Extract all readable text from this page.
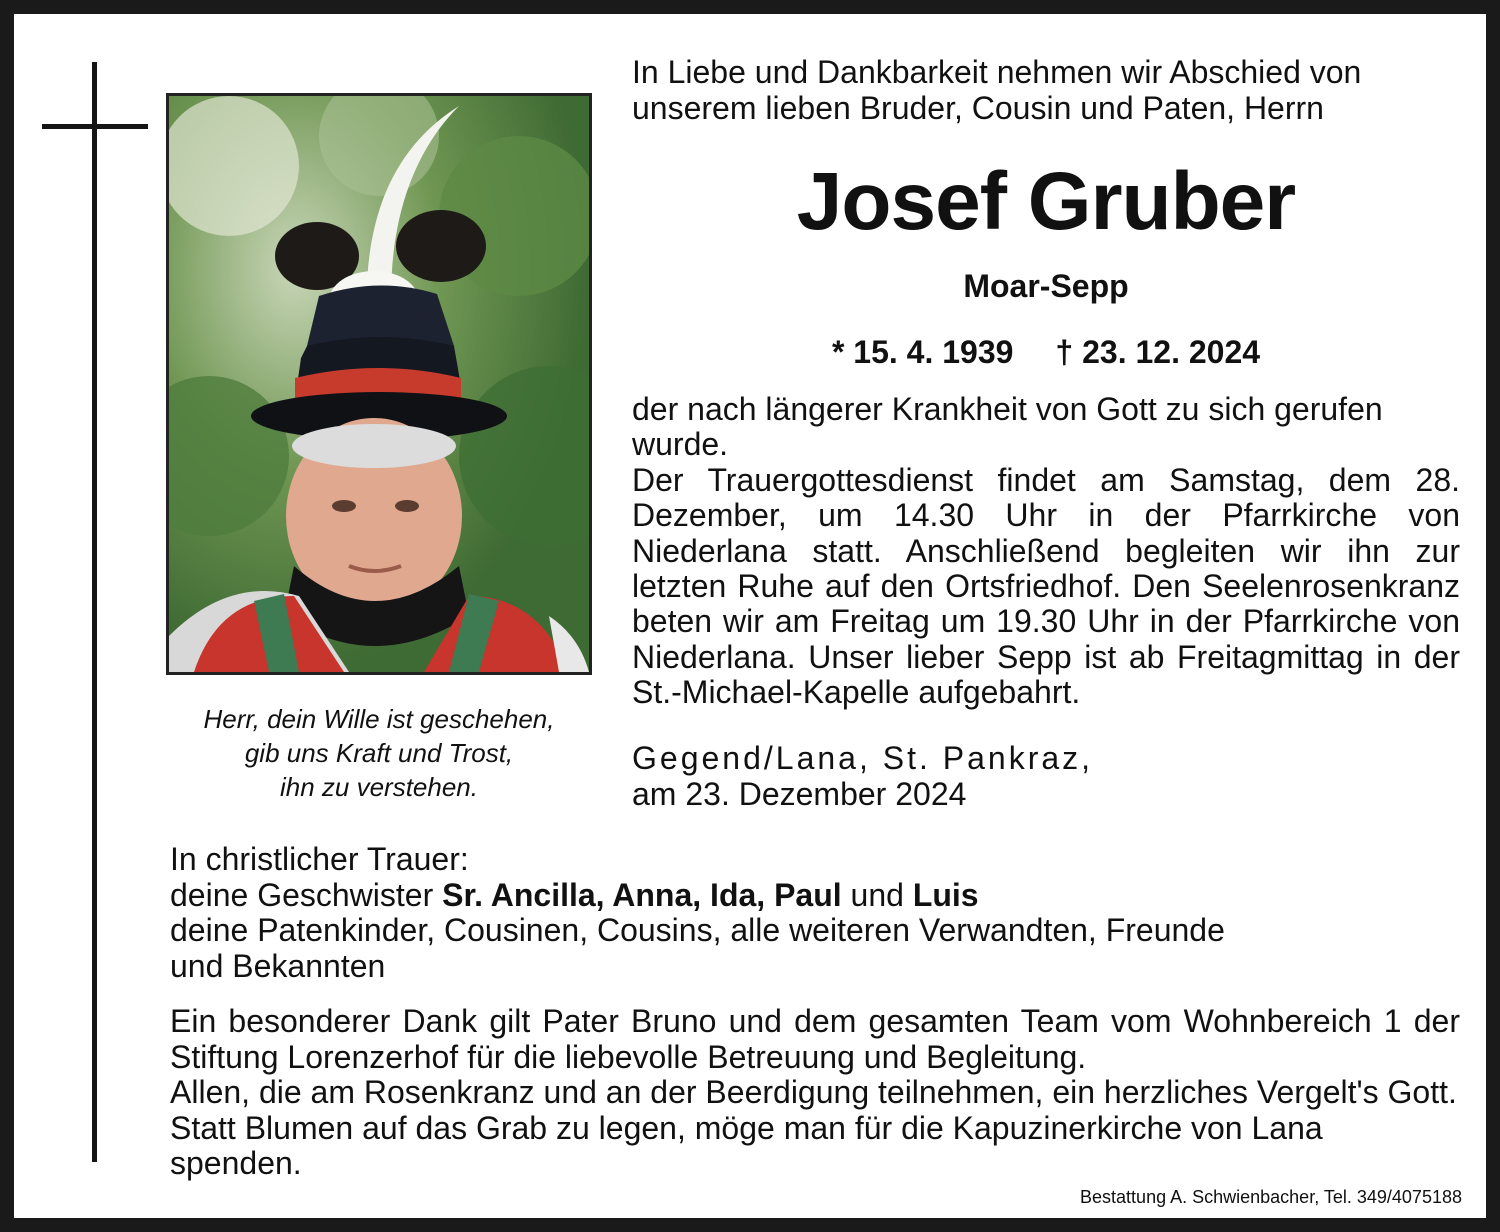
Herr, dein Wille ist geschehen,
gib uns Kraft und Trost,
ihn zu verstehen.
In Liebe und Dankbarkeit nehmen wir Abschied von
unserem lieben Bruder, Cousin und Paten, Herrn
Josef Gruber
Moar-Sepp
* 15. 4. 1939 † 23. 12. 2024

der nach längerer Krankheit von Gott zu sich gerufen wurde.

Der Trauergottesdienst findet am Samstag, dem 28. Dezember, um 14.30 Uhr in der Pfarrkirche von Niederlana statt. Anschließend begleiten wir ihn zur letzten Ruhe auf den Ortsfriedhof. Den Seelenrosenkranz beten wir am Freitag um 19.30 Uhr in der Pfarrkirche von Niederlana. Unser lieber Sepp ist ab Freitagmittag in der St.-Michael-Kapelle aufgebahrt.

Gegend/Lana, St. Pankraz,
am 23. Dezember 2024
In christlicher Trauer:
deine Geschwister Sr. Ancilla, Anna, Ida, Paul und Luis
deine Patenkinder, Cousinen, Cousins, alle weiteren Verwandten, Freunde
und Bekannten

Ein besonderer Dank gilt Pater Bruno und dem gesamten Team vom Wohnbereich 1 der Stiftung Lorenzerhof für die liebevolle Betreuung und Begleitung.

Allen, die am Rosenkranz und an der Beerdigung teilnehmen, ein herzliches Vergelt's Gott. Statt Blumen auf das Grab zu legen, möge man für die Kapuzinerkirche von Lana spenden.

Bestattung A. Schwienbacher, Tel. 349/4075188
